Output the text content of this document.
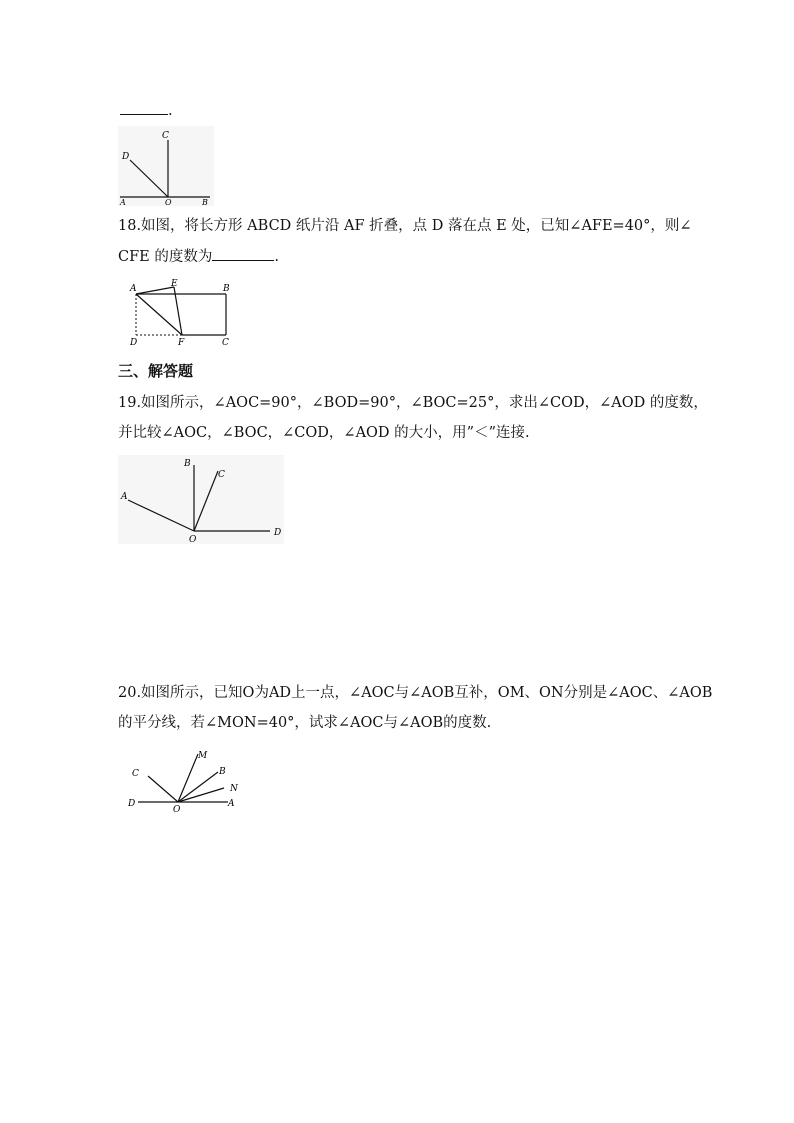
.
C
D
A	O	B
18.如图，将长方形 ABCD 纸片沿 AF 折叠，点 D 落在点 E 处，已知∠AFE=40°，则∠
CFE 的度数为	.
A	E	B
D	F	C
三、解答题
19.如图所示，∠AOC=90°，∠BOD=90°，∠BOC=25°，求出∠COD，∠AOD 的度数，
并比较∠AOC，∠BOC，∠COD，∠AOD 的大小，用”＜”连接.
B
C
A
O
D
20.如图所示，已知O为AD上一点，∠AOC与∠AOB互补，OM、ON分别是∠AOC、∠AOB
的平分线，若∠MON=40°，试求∠AOC与∠AOB的度数.
M
C	B
N
D
O
A
